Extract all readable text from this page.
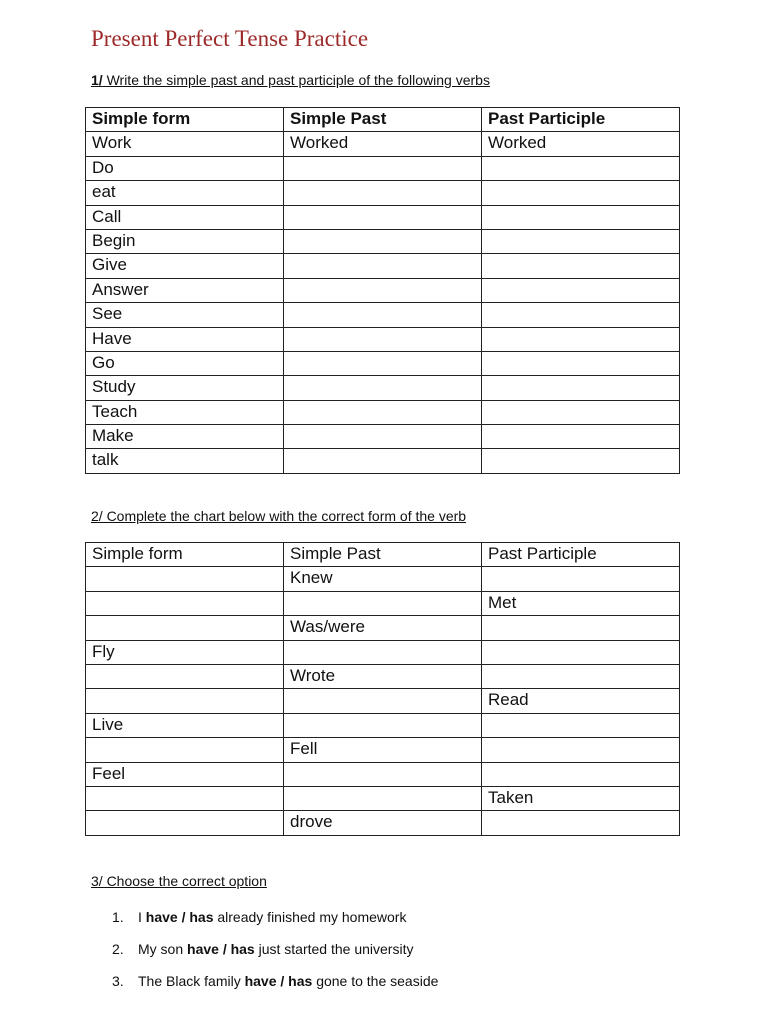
Present Perfect Tense Practice
1/ Write the simple past and past participle of the following verbs
Simple form	Simple Past	Past Participle
Work	Worked	Worked
Do		
eat		
Call		
Begin		
Give		
Answer		
See		
Have		
Go		
Study		
Teach		
Make		
talk		
2/ Complete the chart below with the correct form of the verb
Simple form	Simple Past	Past Participle
	Knew	
		Met
	Was/were	
Fly		
	Wrote	
		Read
Live		
	Fell	
Feel		
		Taken
	drove	
3/ Choose the correct option
1. I have / has already finished my homework
2. My son have / has just started the university
3. The Black family have / has gone to the seaside
